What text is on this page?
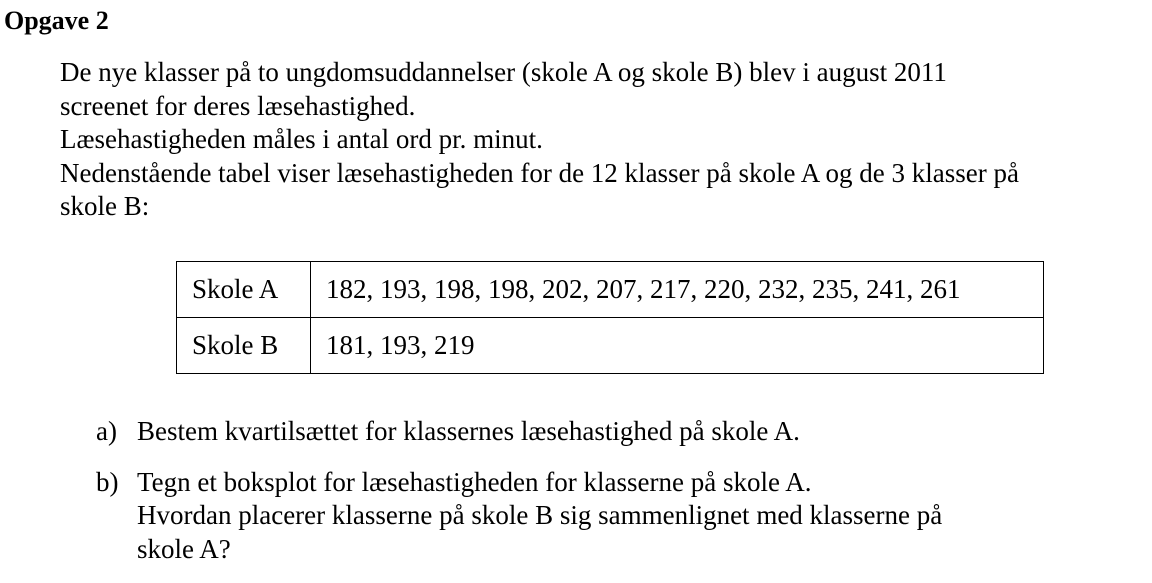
Opgave 2

De nye klasser på to ungdomsuddannelser (skole A og skole B) blev i august 2011

screenet for deres læsehastighed.

Læsehastigheden måles i antal ord pr. minut.

Nedenstående tabel viser læsehastigheden for de 12 klasser på skole A og de 3 klasser på

skole B:

Skole A	182, 193, 198, 198, 202, 207, 217, 220, 232, 235, 241, 261
Skole B	181, 193, 219
a) Bestem kvartilsættet for klassernes læsehastighed på skole A.

b) Tegn et boksplot for læsehastigheden for klasserne på skole A.

Hvordan placerer klasserne på skole B sig sammenlignet med klasserne på

skole A?
